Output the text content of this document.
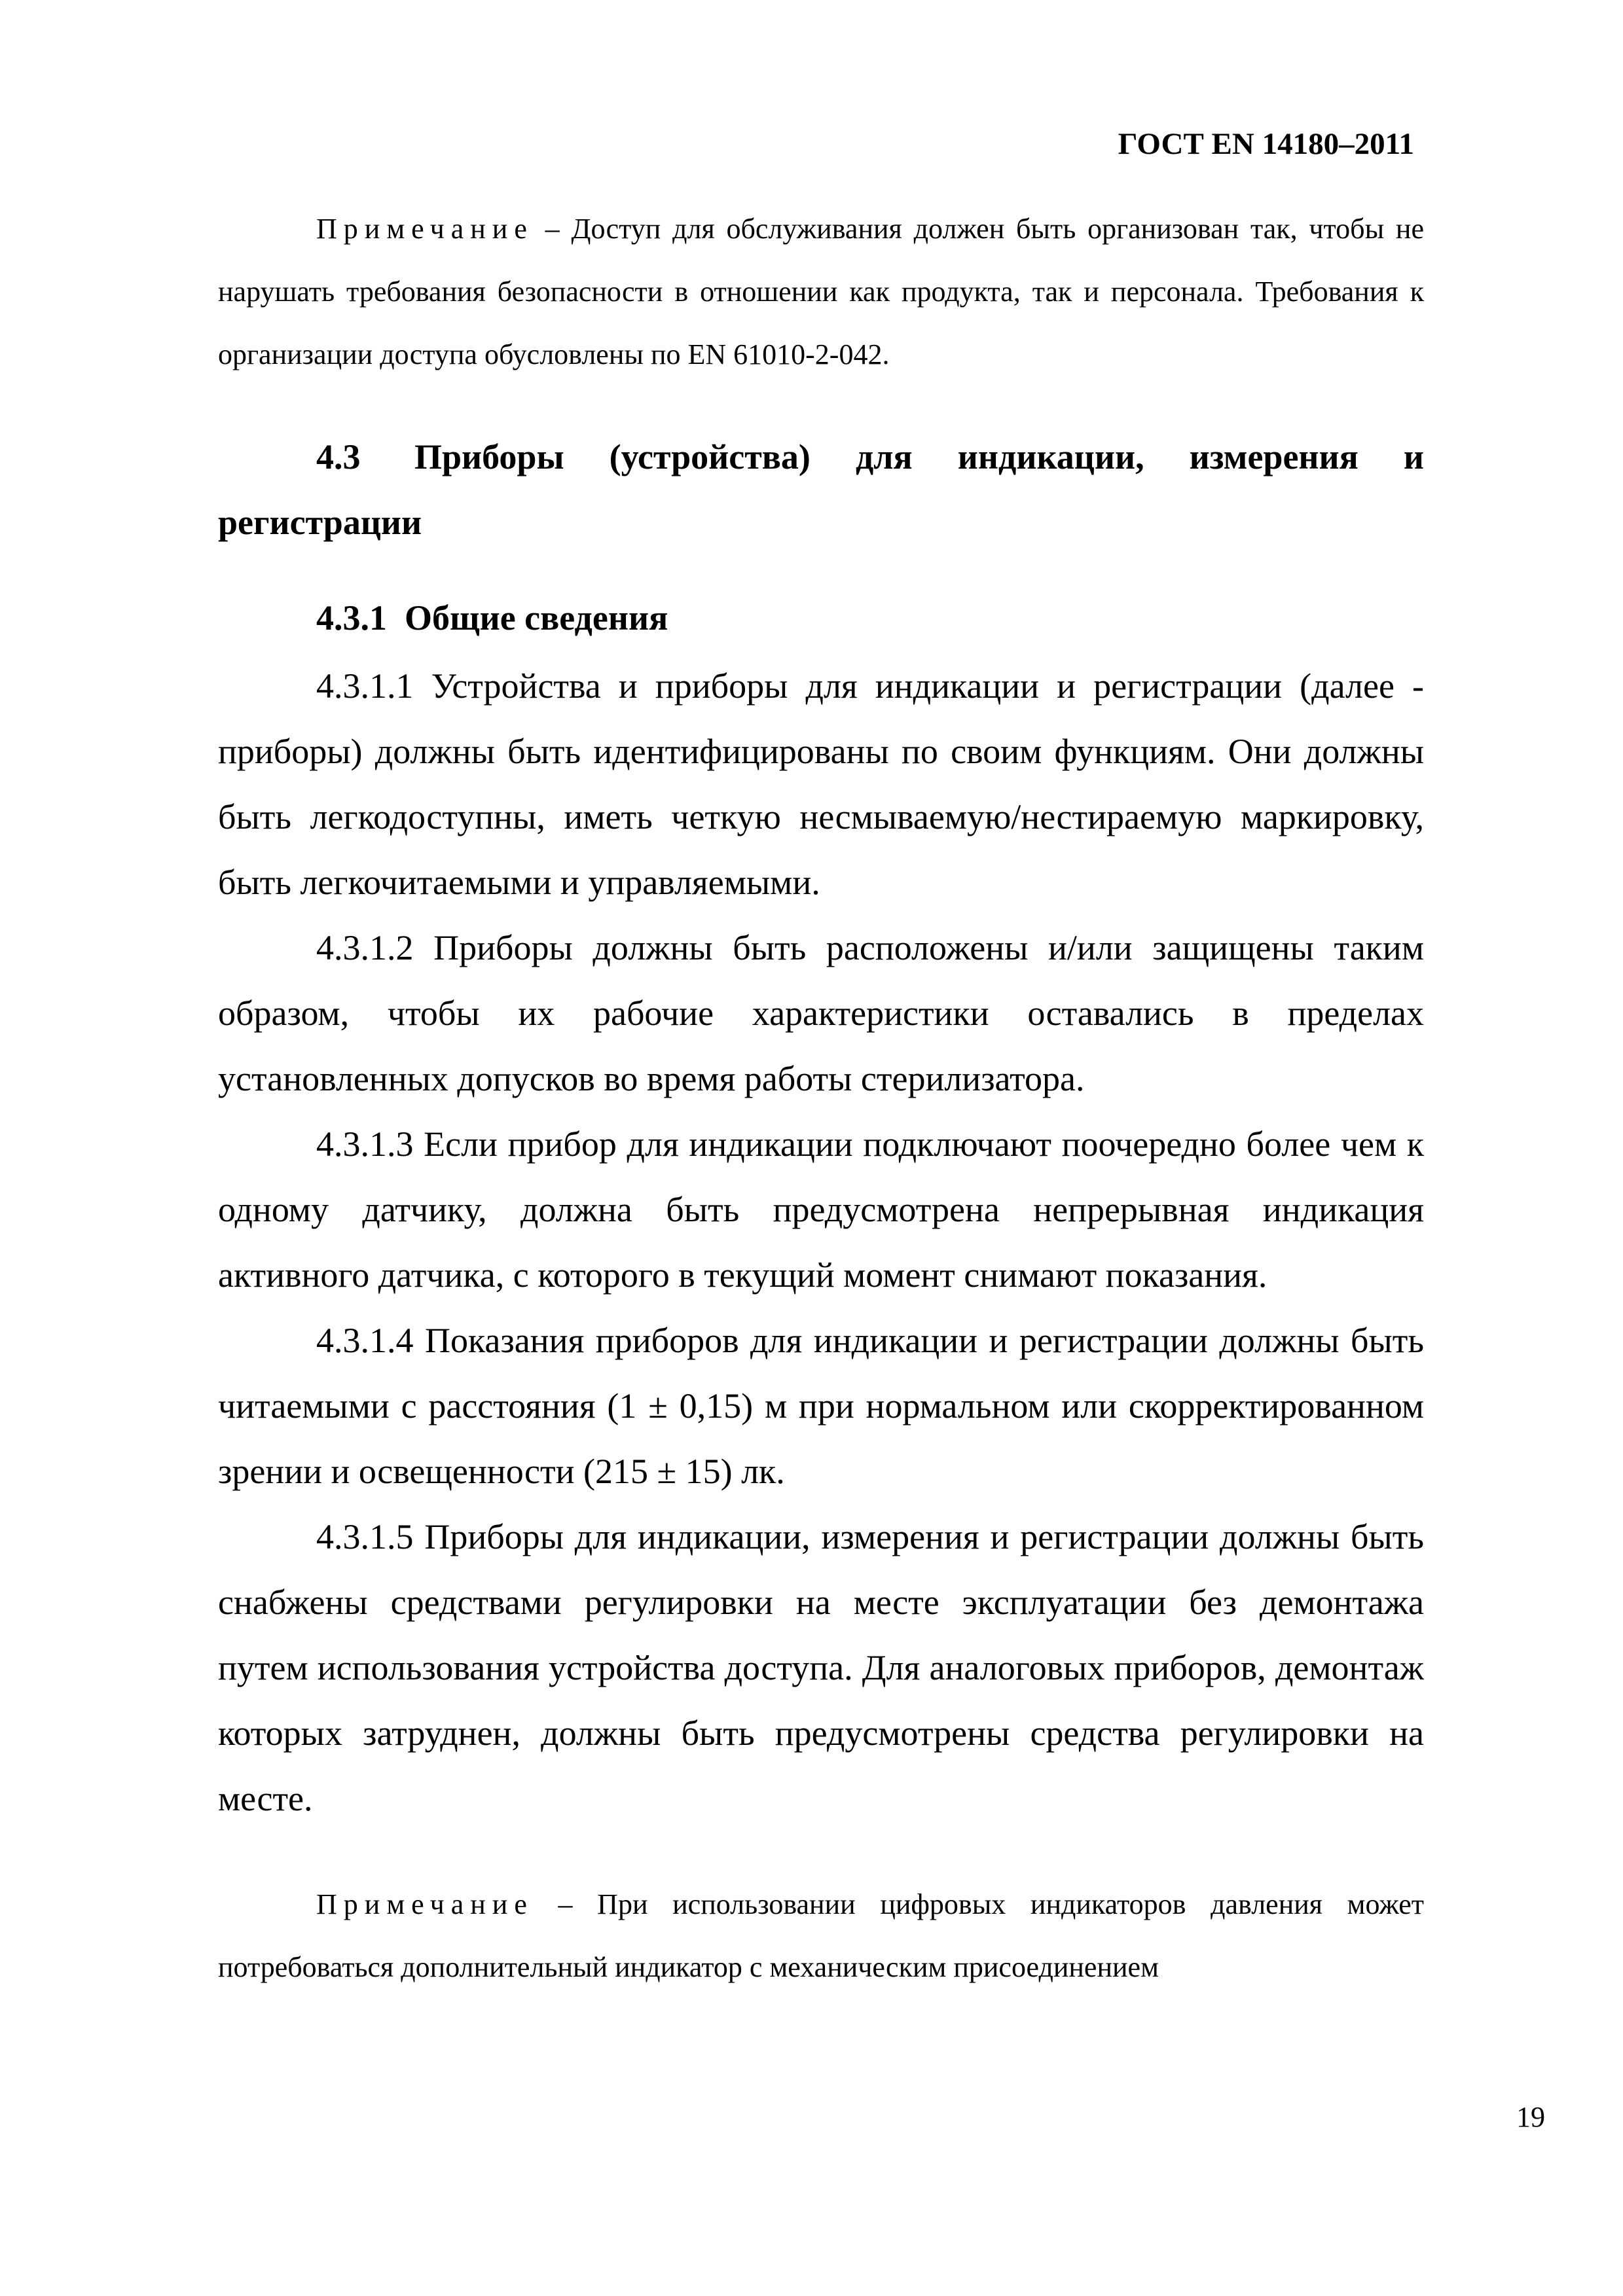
ГОСТ EN 14180–2011

Примечание – Доступ для обслуживания должен быть организован так, чтобы не нарушать требования безопасности в отношении как продукта, так и персонала. Требования к организации доступа обусловлены по EN 61010-2-042.

4.3 Приборы (устройства) для индикации, измерения и регистрации

4.3.1 Общие сведения

4.3.1.1 Устройства и приборы для индикации и регистрации (далее - приборы) должны быть идентифицированы по своим функциям. Они должны быть легкодоступны, иметь четкую несмываемую/нестираемую маркировку, быть легкочитаемыми и управляемыми.

4.3.1.2 Приборы должны быть расположены и/или защищены таким образом, чтобы их рабочие характеристики оставались в пределах установленных допусков во время работы стерилизатора.

4.3.1.3 Если прибор для индикации подключают поочередно более чем к одному датчику, должна быть предусмотрена непрерывная индикация активного датчика, с которого в текущий момент снимают показания.

4.3.1.4 Показания приборов для индикации и регистрации должны быть читаемыми с расстояния (1 ± 0,15) м при нормальном или скорректированном зрении и освещенности (215 ± 15) лк.

4.3.1.5 Приборы для индикации, измерения и регистрации должны быть снабжены средствами регулировки на месте эксплуатации без демонтажа путем использования устройства доступа. Для аналоговых приборов, демонтаж которых затруднен, должны быть предусмотрены средства регулировки на месте.

Примечание – При использовании цифровых индикаторов давления может потребоваться дополнительный индикатор с механическим присоединением

19
